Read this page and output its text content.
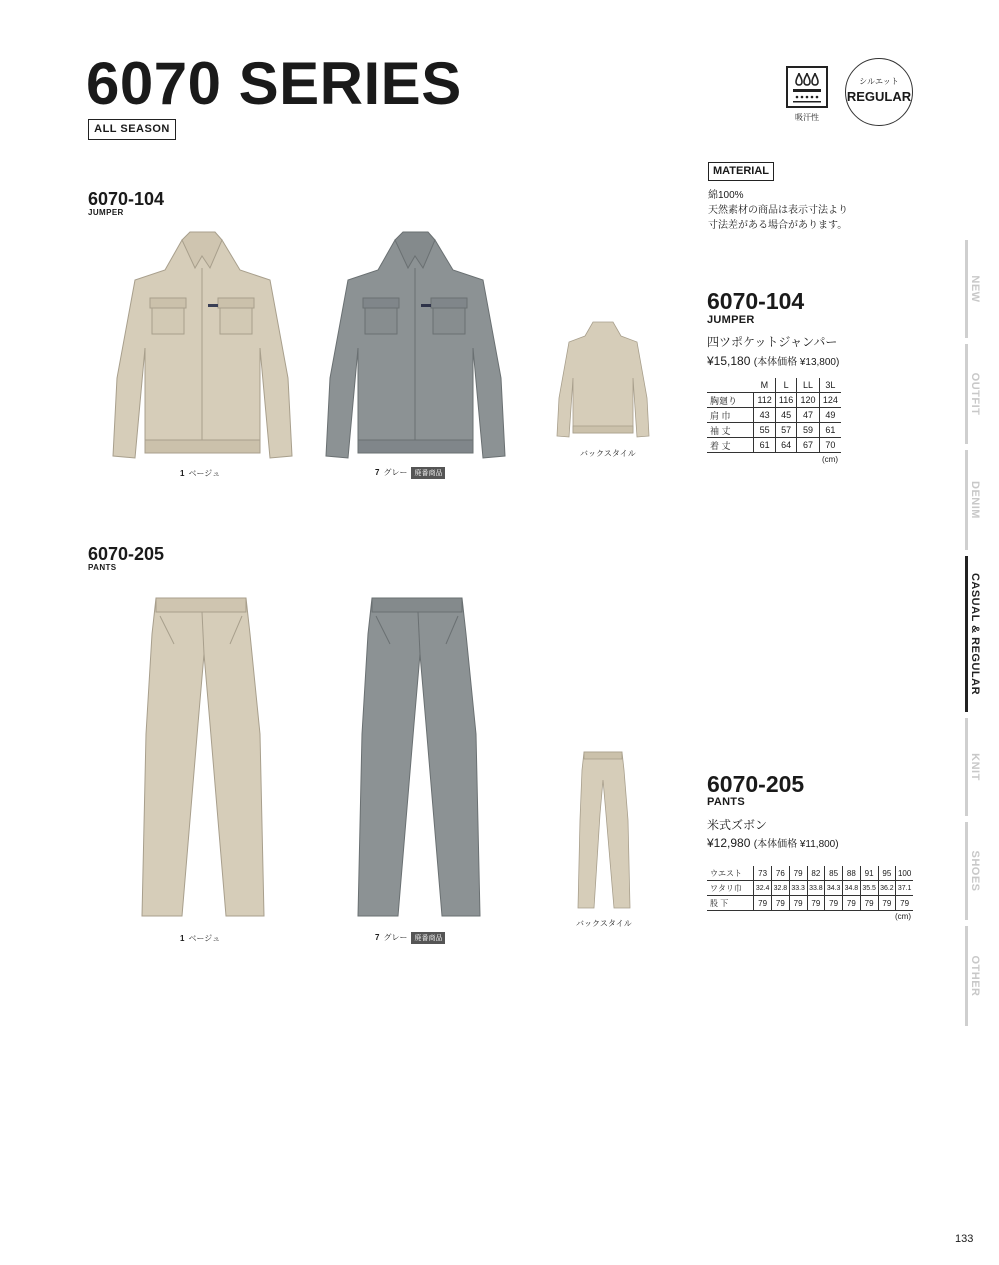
6070 SERIES
ALL SEASON
吸汗性
シルエット
REGULAR
MATERIAL
綿100%
天然素材の商品は表示寸法より
寸法差がある場合があります。
6070-104
JUMPER
1 ベージュ	7 グレー 廃番商品
バックスタイル
6070-104
JUMPER
四ツポケットジャンパー
¥15,180 (本体価格 ¥13,800)
	M	L	LL	3L
胸廻り	112	116	120	124
肩 巾	43	45	47	49
袖 丈	55	57	59	61
着 丈	61	64	67	70
(cm)
6070-205
PANTS
1 ベージュ	7 グレー 廃番商品
バックスタイル
6070-205
PANTS
米式ズボン
¥12,980 (本体価格 ¥11,800)
ウエスト	73	76	79	82	85	88	91	95	100
ワタリ巾	32.4	32.8	33.3	33.8	34.3	34.8	35.5	36.2	37.1
股 下	79	79	79	79	79	79	79	79	79
(cm)
NEW
OUTFIT
DENIM
CASUAL & REGULAR
KNIT
SHOES
OTHER
133
